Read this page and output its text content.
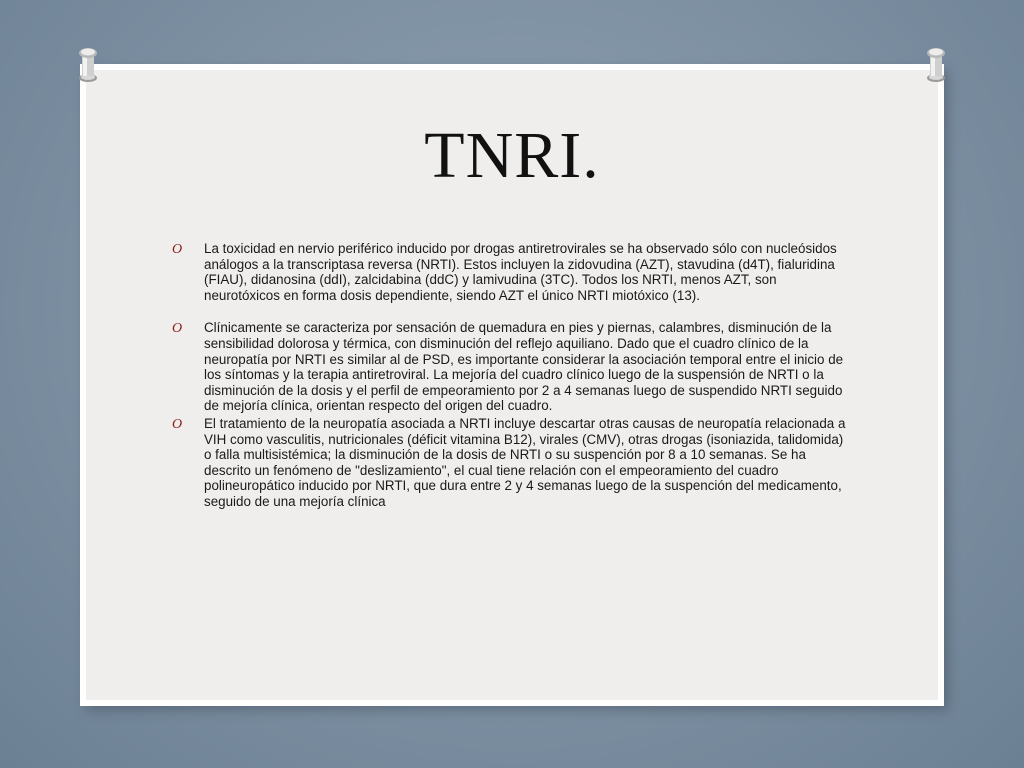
TNRI.
O La toxicidad en nervio periférico inducido por drogas antiretrovirales se ha observado sólo con nucleósidos análogos a la transcriptasa reversa (NRTI). Estos incluyen la zidovudina (AZT), stavudina (d4T), fialuridina (FIAU), didanosina (ddI), zalcidabina (ddC) y lamivudina (3TC). Todos los NRTI, menos AZT, son neurotóxicos en forma dosis dependiente, siendo AZT el único NRTI miotóxico (13).
O Clínicamente se caracteriza por sensación de quemadura en pies y piernas, calambres, disminución de la sensibilidad dolorosa y térmica, con disminución del reflejo aquiliano. Dado que el cuadro clínico de la neuropatía por NRTI es similar al de PSD, es importante considerar la asociación temporal entre el inicio de los síntomas y la terapia antiretroviral. La mejoría del cuadro clínico luego de la suspensión de NRTI o la disminución de la dosis y el perfil de empeoramiento por 2 a 4 semanas luego de suspendido NRTI seguido de mejoría clínica, orientan respecto del origen del cuadro.
O El tratamiento de la neuropatía asociada a NRTI incluye descartar otras causas de neuropatía relacionada a VIH como vasculitis, nutricionales (déficit vitamina B12), virales (CMV), otras drogas (isoniazida, talidomida) o falla multisistémica; la disminución de la dosis de NRTI o su suspención por 8 a 10 semanas. Se ha descrito un fenómeno de "deslizamiento", el cual tiene relación con el empeoramiento del cuadro polineuropático inducido por NRTI, que dura entre 2 y 4 semanas luego de la suspención del medicamento, seguido de una mejoría clínica
